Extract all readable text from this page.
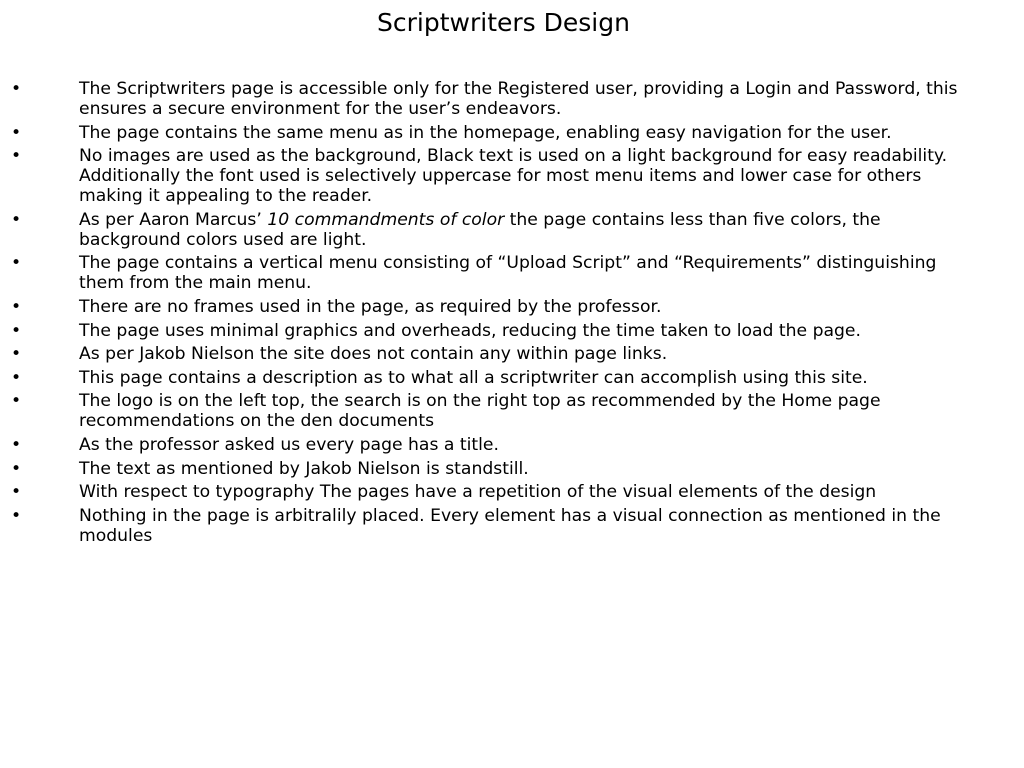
Scriptwriters Design
•	The Scriptwriters page is accessible only for the Registered user, providing a Login and Password, this ensures a secure environment for the user’s endeavors.
•	The page contains the same menu as in the homepage, enabling easy navigation for the user.
•	No images are used as the background, Black text is used on a light background for easy readability. Additionally the font used is selectively uppercase for most menu items and lower case for others making it appealing to the reader.
•	As per Aaron Marcus’ 10 commandments of color the page contains less than five colors, the background colors used are light.
•	The page contains a vertical menu consisting of “Upload Script” and “Requirements” distinguishing them from the main menu.
•	There are no frames used in the page, as required by the professor.
•	The page uses minimal graphics and overheads, reducing the time taken to load the page.
•	As per Jakob Nielson the site does not contain any within page links.
•	This page contains a description as to what all a scriptwriter can accomplish using this site.
•	The logo is on the left top, the search is on the right top as recommended by the Home page recommendations on the den documents
•	As the professor asked us every page has a title.
•	The text as mentioned by Jakob Nielson is standstill.
•	With respect to typography The pages have a repetition of the visual elements of the design
•	Nothing in the page is arbitralily placed. Every element has a visual connection as mentioned in the modules
